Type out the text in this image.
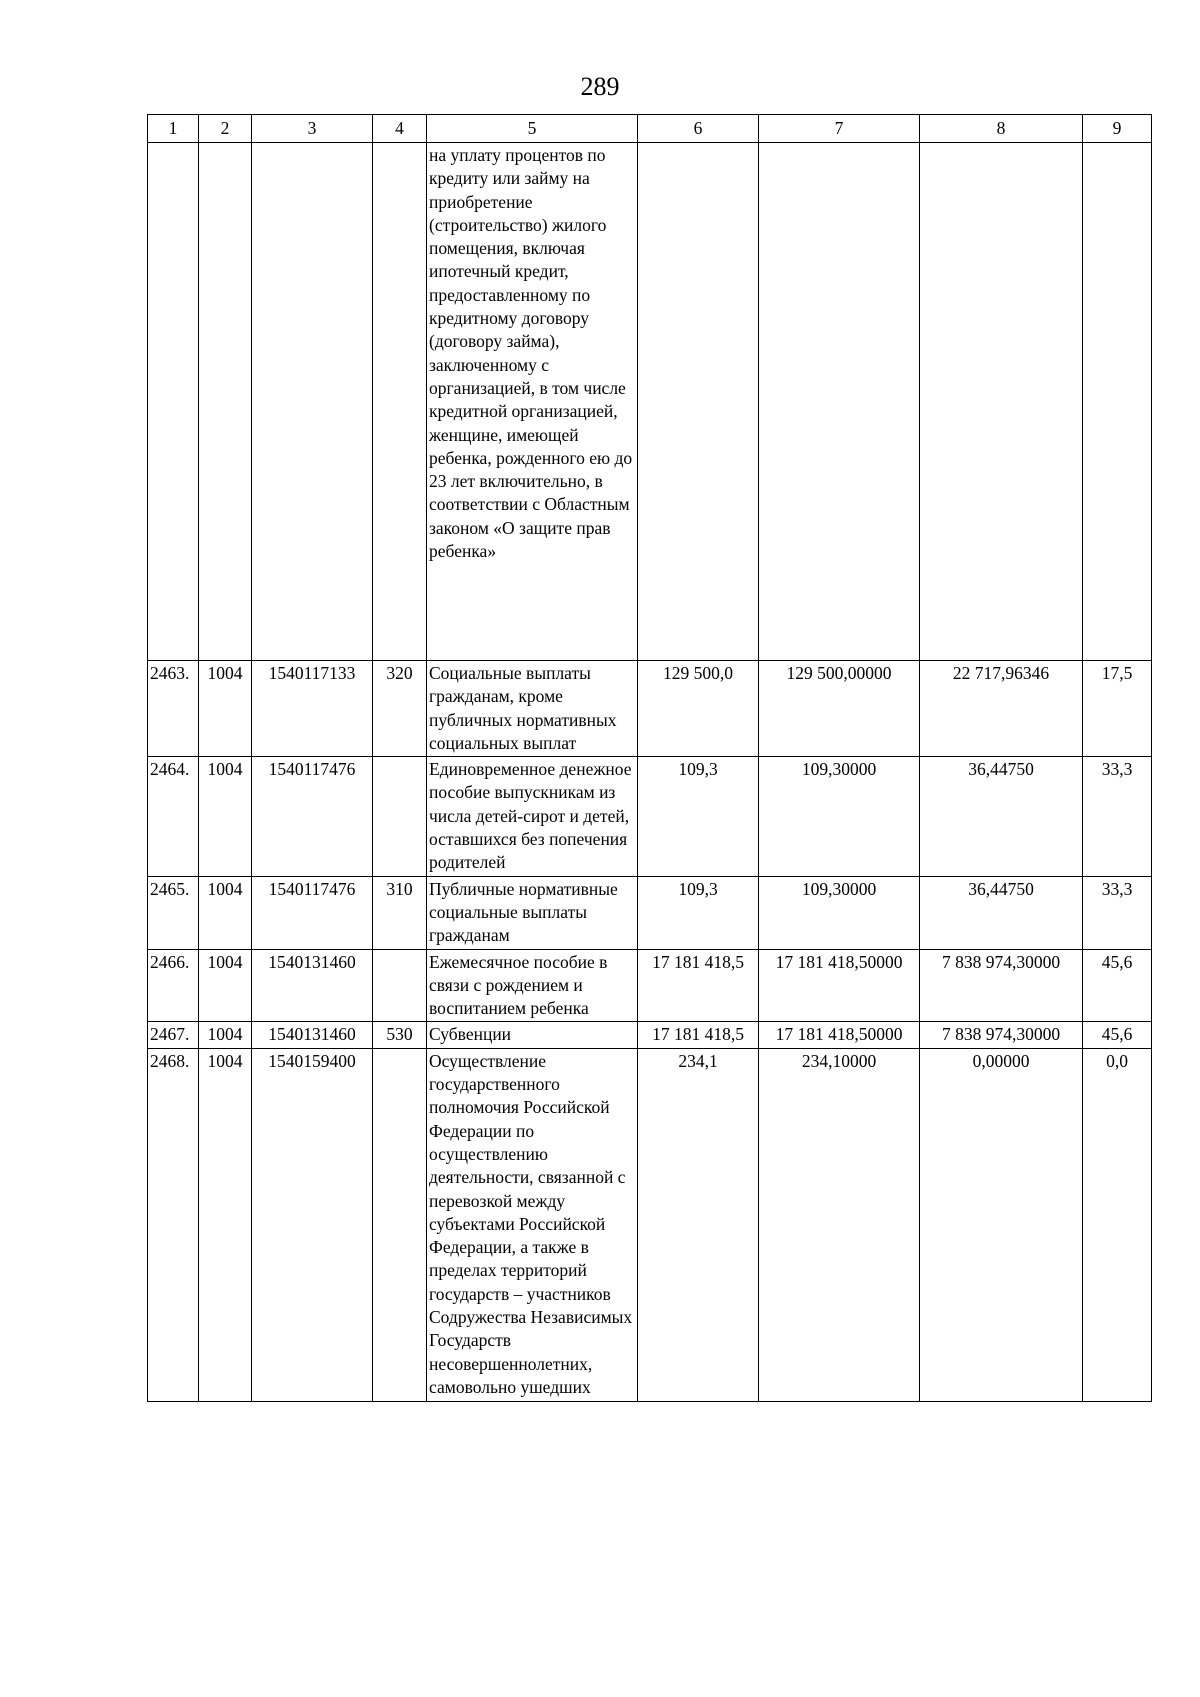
289
1	2	3	4	5	6	7	8	9
				на уплату процентов по кредиту или займу на приобретение (строительство) жилого помещения, включая ипотечный кредит, предоставленному по кредитному договору (договору займа), заключенному с организацией, в том числе кредитной организацией, женщине, имеющей ребенка, рожденного ею до 23 лет включительно, в соответствии с Областным законом «О защите прав ребенка»				
2463.	1004	1540117133	320	Социальные выплаты гражданам, кроме публичных нормативных социальных выплат	129 500,0	129 500,00000	22 717,96346	17,5
2464.	1004	1540117476		Единовременное денежное пособие выпускникам из числа детей-сирот и детей, оставшихся без попечения родителей	109,3	109,30000	36,44750	33,3
2465.	1004	1540117476	310	Публичные нормативные социальные выплаты гражданам	109,3	109,30000	36,44750	33,3
2466.	1004	1540131460		Ежемесячное пособие в связи с рождением и воспитанием ребенка	17 181 418,5	17 181 418,50000	7 838 974,30000	45,6
2467.	1004	1540131460	530	Субвенции	17 181 418,5	17 181 418,50000	7 838 974,30000	45,6
2468.	1004	1540159400		Осуществление государственного полномочия Российской Федерации по осуществлению деятельности, связанной с перевозкой между субъектами Российской Федерации, а также в пределах территорий государств – участников Содружества Независимых Государств несовершеннолетних, самовольно ушедших	234,1	234,10000	0,00000	0,0
